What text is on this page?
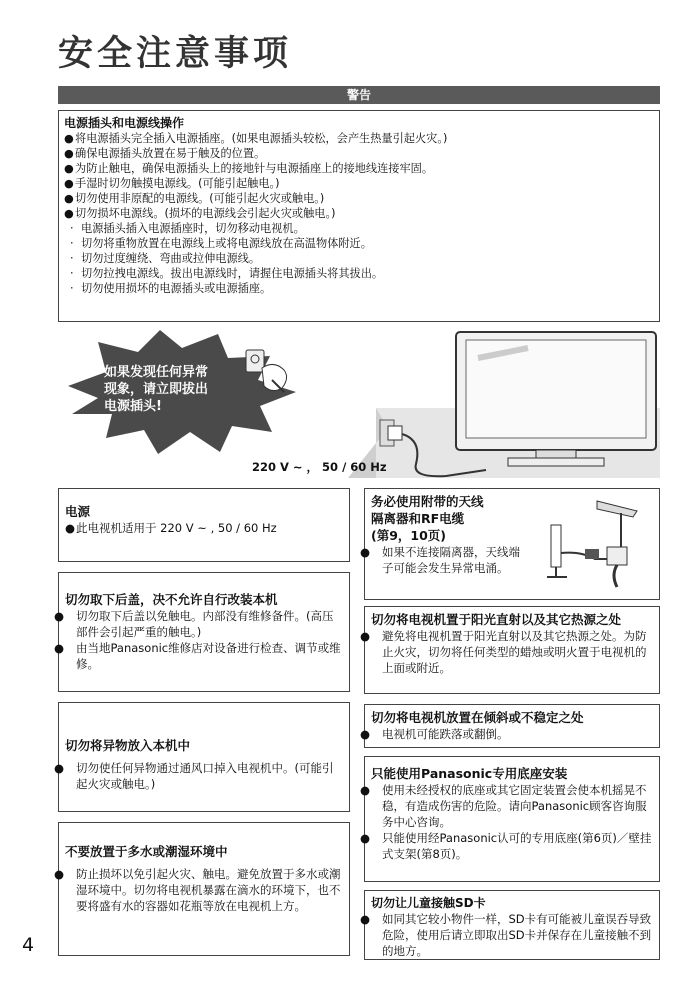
安全注意事项
警告
电源插头和电源线操作
●将电源插头完全插入电源插座。(如果电源插头较松，会产生热量引起火灾。)
●确保电源插头放置在易于触及的位置。
●为防止触电，确保电源插头上的接地针与电源插座上的接地线连接牢固。
●手湿时切勿触摸电源线。(可能引起触电。)
●切勿使用非原配的电源线。(可能引起火灾或触电。)
●切勿损坏电源线。(损坏的电源线会引起火灾或触电。)
· 电源插头插入电源插座时，切勿移动电视机。
· 切勿将重物放置在电源线上或将电源线放在高温物体附近。
· 切勿过度缠绕、弯曲或拉伸电源线。
· 切勿拉拽电源线。拔出电源线时，请握住电源插头将其拔出。
· 切勿使用损坏的电源插头或电源插座。
如果发现任何异常
现象，请立即拔出
电源插头!
220 V ~ ， 50 / 60 Hz
电源
●此电视机适用于 220 V ~ , 50 / 60 Hz
切勿取下后盖，决不允许自行改装本机
● 切勿取下后盖以免触电。内部没有维修备件。(高压部件会引起严重的触电。)
● 由当地Panasonic维修店对设备进行检查、调节或维修。
切勿将异物放入本机中
● 切勿使任何异物通过通风口掉入电视机中。(可能引起火灾或触电。)
不要放置于多水或潮湿环境中
● 防止损坏以免引起火灾、触电。避免放置于多水或潮湿环境中。切勿将电视机暴露在滴水的环境下，也不要将盛有水的容器如花瓶等放在电视机上方。
务必使用附带的天线
隔离器和RF电缆
(第9，10页)
● 如果不连接隔离器，天线端子可能会发生异常电涌。
切勿将电视机置于阳光直射以及其它热源之处
● 避免将电视机置于阳光直射以及其它热源之处。为防止火灾，切勿将任何类型的蜡烛或明火置于电视机的上面或附近。
切勿将电视机放置在倾斜或不稳定之处
● 电视机可能跌落或翻倒。
只能使用Panasonic专用底座安装
● 使用未经授权的底座或其它固定装置会使本机摇晃不稳，有造成伤害的危险。请向Panasonic顾客咨询服务中心咨询。
● 只能使用经Panasonic认可的专用底座(第6页)／壁挂式支架(第8页)。
切勿让儿童接触SD卡
● 如同其它较小物件一样，SD卡有可能被儿童误吞导致危险，使用后请立即取出SD卡并保存在儿童接触不到的地方。
4
